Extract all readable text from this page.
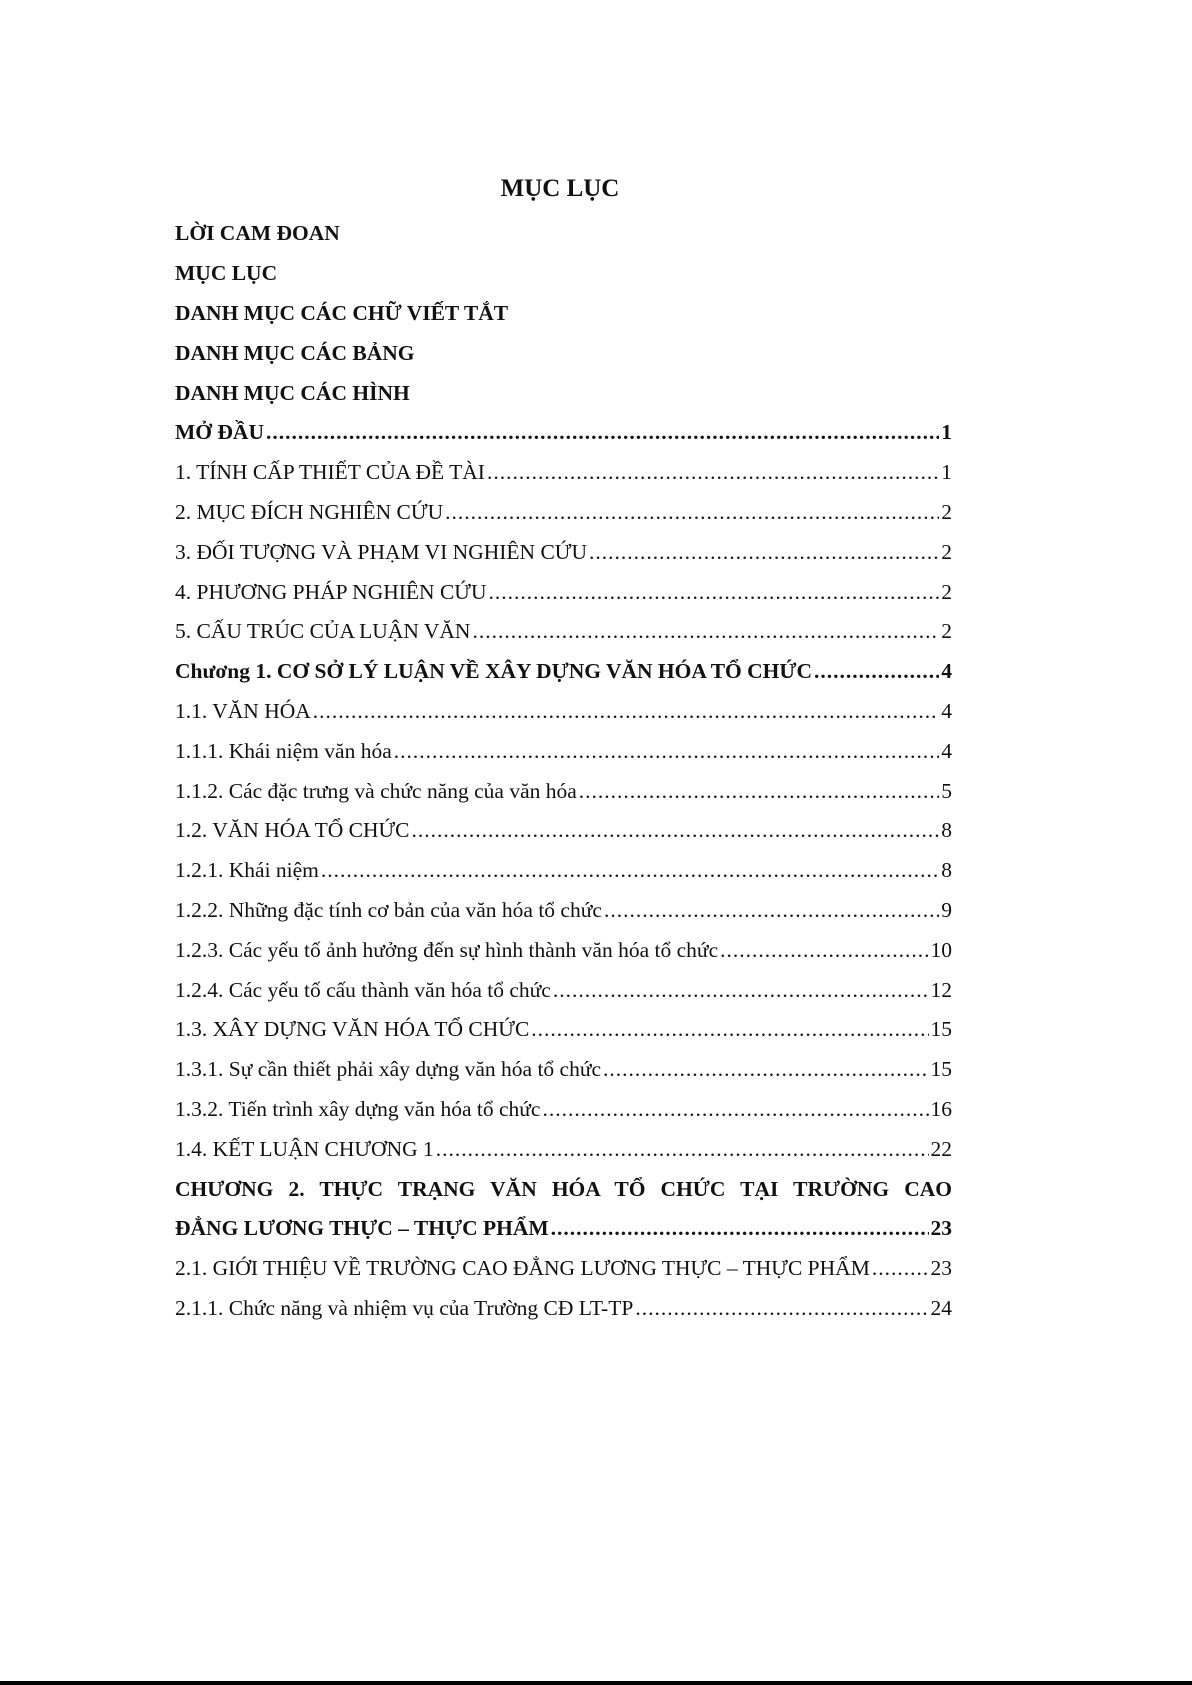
MỤC LỤC
LỜI CAM ĐOAN
MỤC LỤC
DANH MỤC CÁC CHỮ VIẾT TẮT
DANH MỤC CÁC BẢNG
DANH MỤC CÁC HÌNH
MỞ ĐẦU .....	1
1. TÍNH CẤP THIẾT CỦA ĐỀ TÀI .....	1
2. MỤC ĐÍCH NGHIÊN CỨU .....	2
3. ĐỐI TƯỢNG VÀ PHẠM VI NGHIÊN CỨU .....	2
4. PHƯƠNG PHÁP NGHIÊN CỨU .....	2
5. CẤU TRÚC CỦA LUẬN VĂN .....	2
Chương 1. CƠ SỞ LÝ LUẬN VỀ XÂY DỰNG VĂN HÓA TỔ CHỨC .....	4
1.1. VĂN HÓA .....	4
1.1.1. Khái niệm văn hóa .....	4
1.1.2. Các đặc trưng và chức năng của văn hóa .....	5
1.2. VĂN HÓA TỔ CHỨC .....	8
1.2.1. Khái niệm .....	8
1.2.2. Những đặc tính cơ bản của văn hóa tổ chức .....	9
1.2.3. Các yếu tố ảnh hưởng đến sự hình thành văn hóa tổ chức .....	10
1.2.4. Các yếu tố cấu thành văn hóa tổ chức .....	12
1.3. XÂY DỰNG VĂN HÓA TỔ CHỨC .....	15
1.3.1. Sự cần thiết phải xây dựng văn hóa tổ chức .....	15
1.3.2. Tiến trình xây dựng văn hóa tổ chức .....	16
1.4. KẾT LUẬN CHƯƠNG 1 .....	22
CHƯƠNG 2. THỰC TRẠNG VĂN HÓA TỔ CHỨC TẠI TRƯỜNG CAO
ĐẲNG LƯƠNG THỰC – THỰC PHẨM .....	23
2.1. GIỚI THIỆU VỀ TRƯỜNG CAO ĐẲNG LƯƠNG THỰC – THỰC PHẨM .....	23
2.1.1. Chức năng và nhiệm vụ của Trường CĐ LT-TP .....	24
